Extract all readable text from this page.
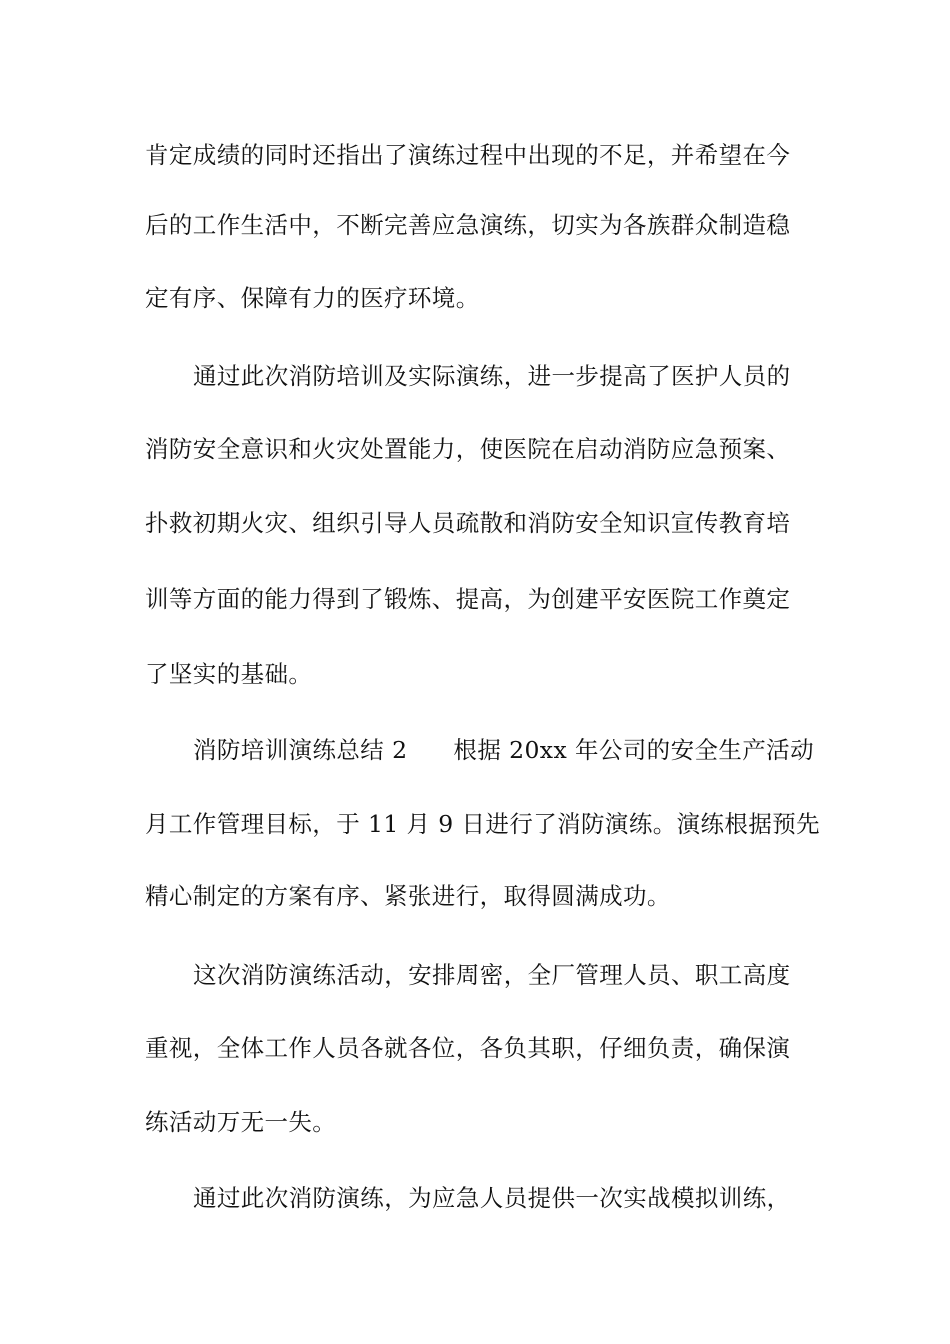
肯定成绩的同时还指出了演练过程中出现的不足，并希望在今
后的工作生活中，不断完善应急演练，切实为各族群众制造稳
定有序、保障有力的医疗环境。
通过此次消防培训及实际演练，进一步提高了医护人员的
消防安全意识和火灾处置能力，使医院在启动消防应急预案、
扑救初期火灾、组织引导人员疏散和消防安全知识宣传教育培
训等方面的能力得到了锻炼、提高，为创建平安医院工作奠定
了坚实的基础。
消防培训演练总结 2 根据 20xx 年公司的安全生产活动
月工作管理目标，于 11 月 9 日进行了消防演练。演练根据预先
精心制定的方案有序、紧张进行，取得圆满成功。
这次消防演练活动，安排周密，全厂管理人员、职工高度
重视，全体工作人员各就各位，各负其职，仔细负责，确保演
练活动万无一失。
通过此次消防演练，为应急人员提供一次实战模拟训练，
